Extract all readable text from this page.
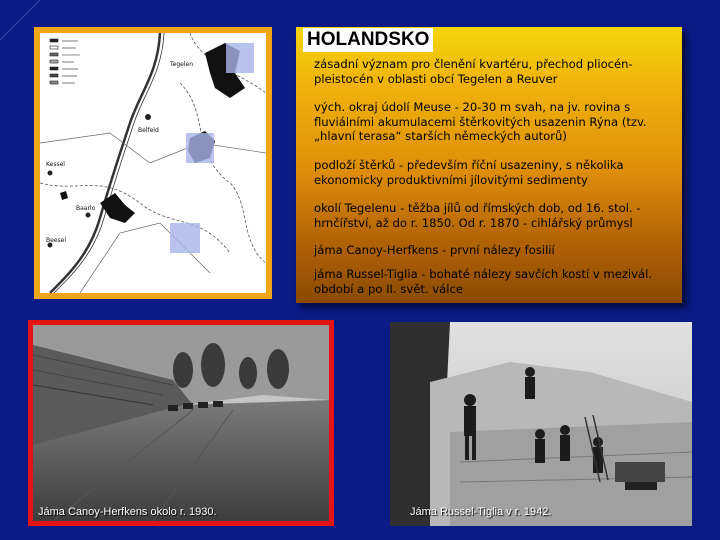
Tegelen
Belfeld
Kessel
Beesel
Baarlo
HOLANDSKO
zásadní význam pro členění kvartéru, přechod pliocén-pleistocén v oblasti obcí Tegelen a Reuver
vých. okraj údolí Meuse - 20-30 m svah, na jv. rovina s fluviálními akumulacemi štěrkovitých usazenin Rýna (tzv. „hlavní terasa“ starších německých autorů)
podloží štěrků - především říční usazeniny, s několika ekonomicky produktivními jílovitými sedimenty
okolí Tegelenu - těžba jílů od římských dob, od 16. stol. - hrnčířství, až do r. 1850. Od r. 1870 - cihlářský průmysl
jáma Canoy-Herfkens - první nálezy fosilií
jáma Russel-Tiglia - bohaté nálezy savčích kostí v mezivál. období a po II. svět. válce
Jáma Canoy-Herfkens okolo r. 1930.	Jáma Russel-Tiglia v r. 1942.
